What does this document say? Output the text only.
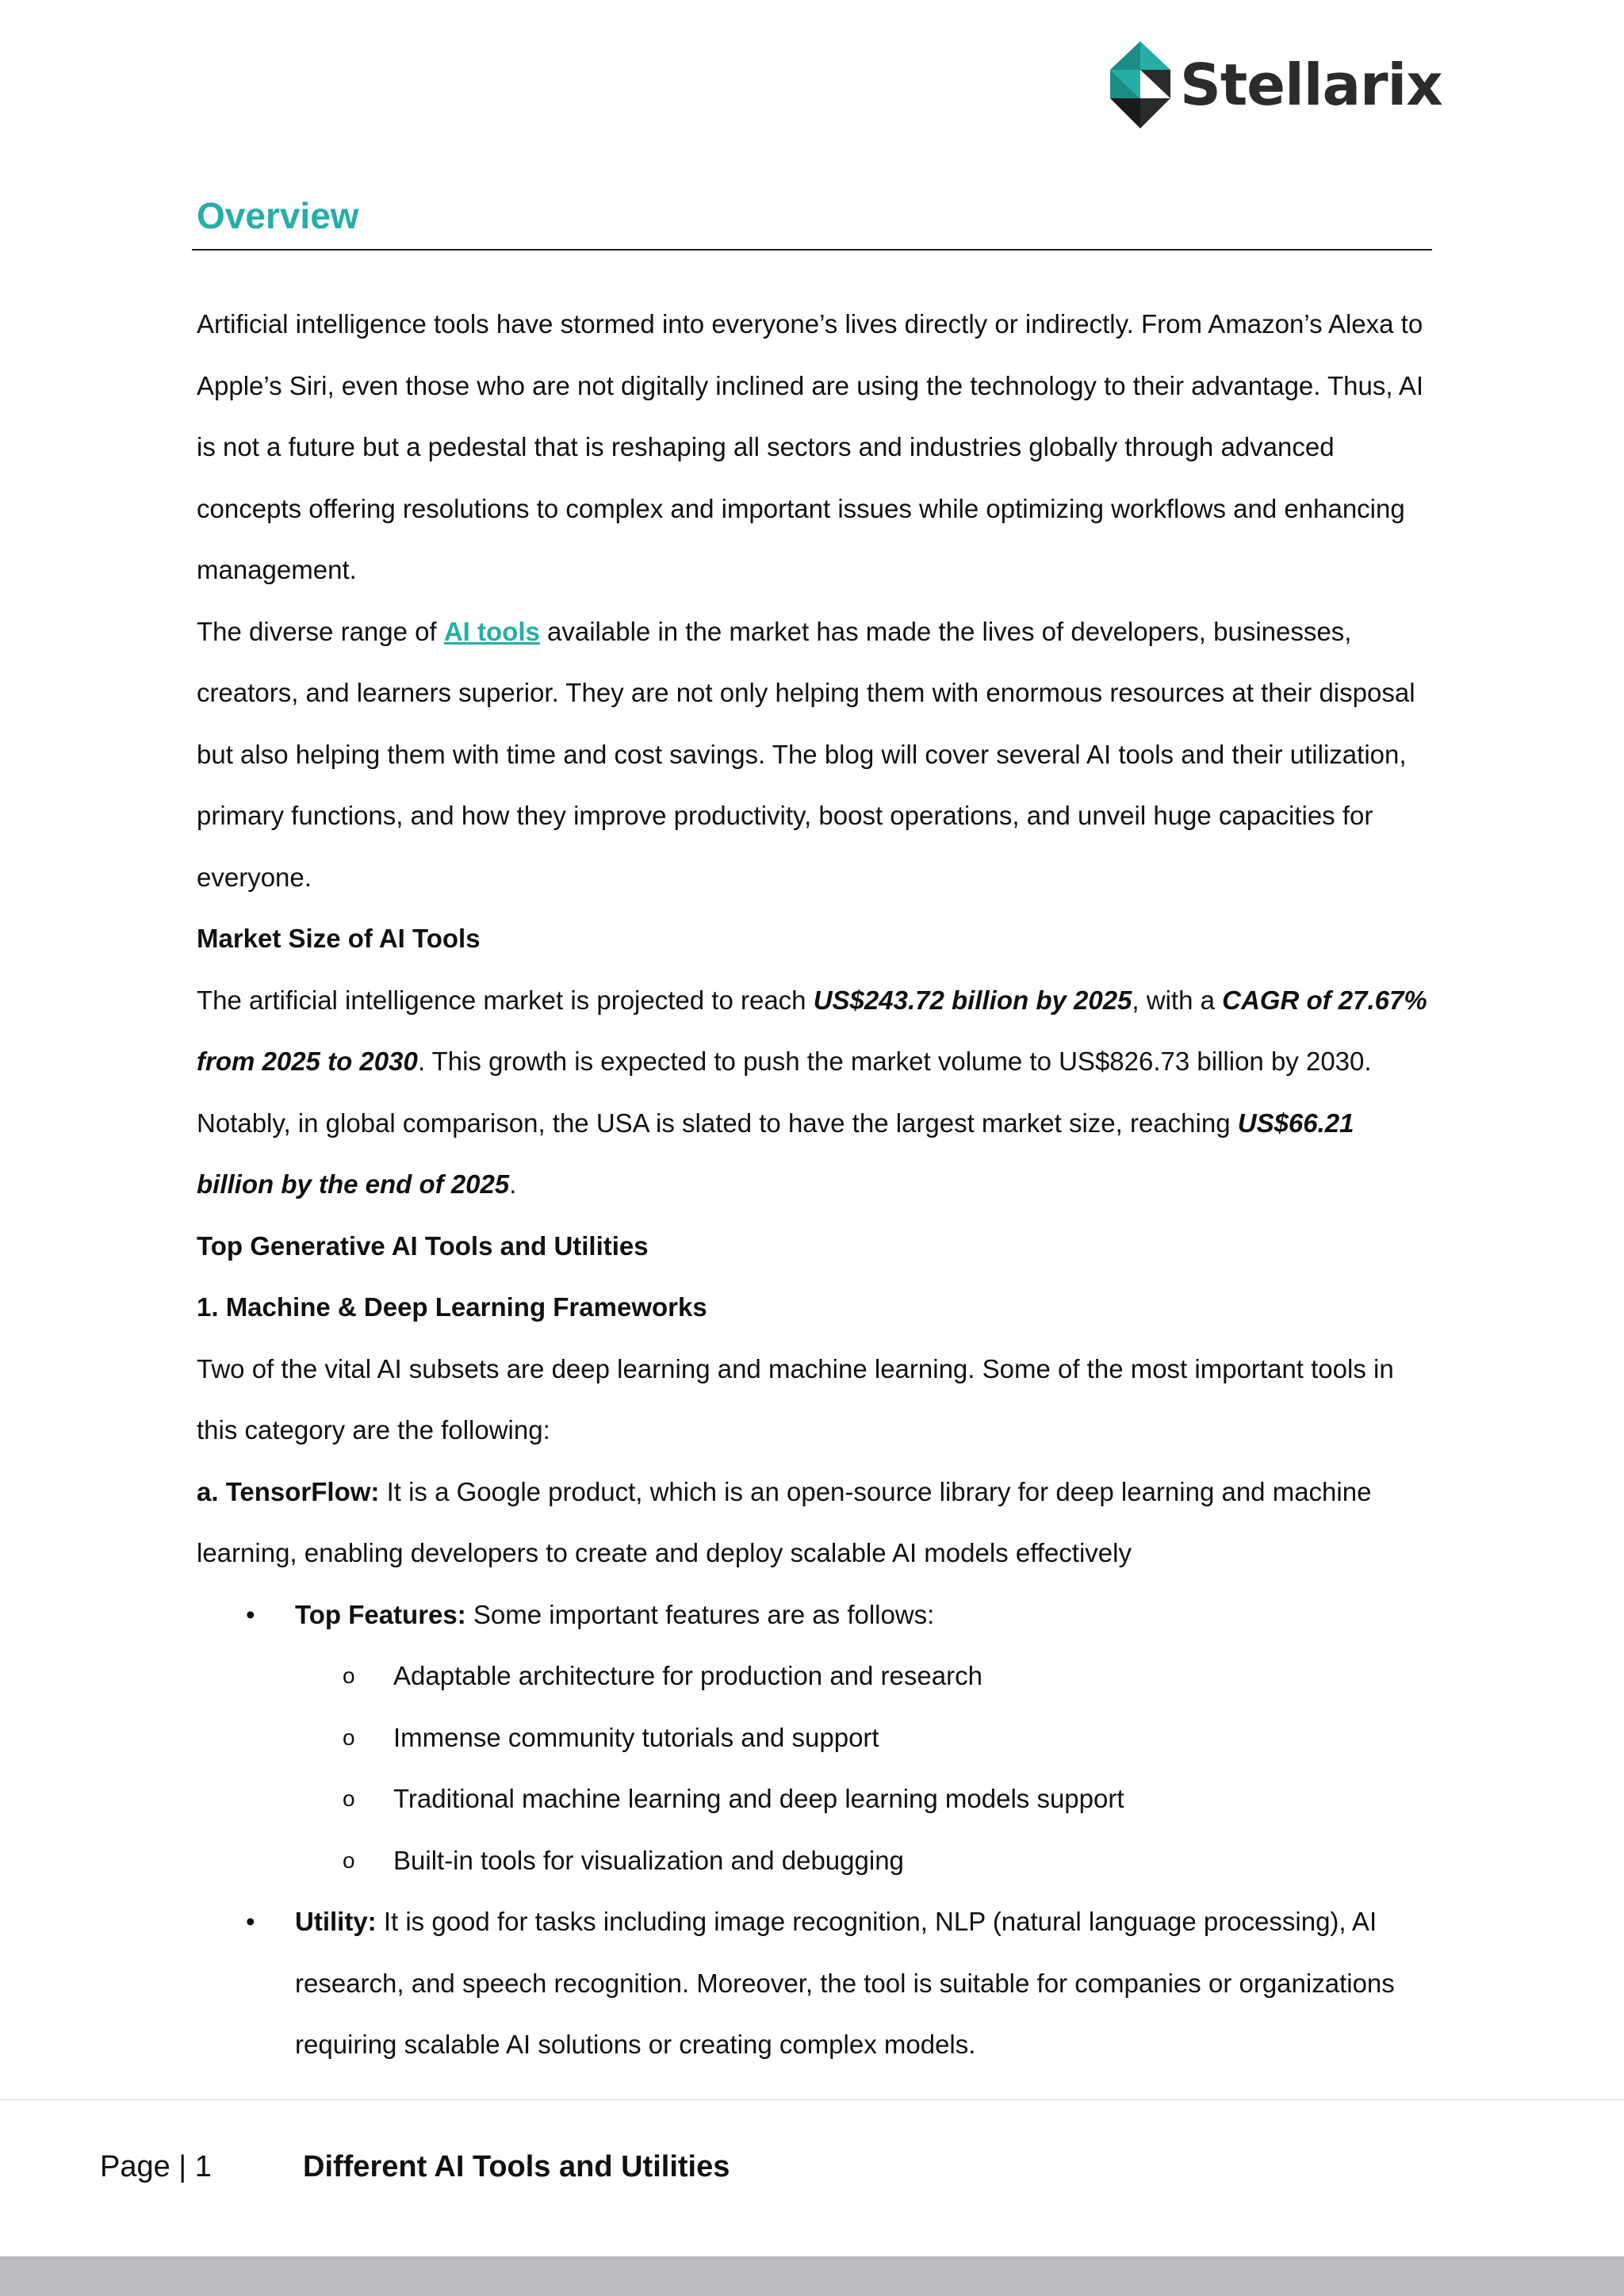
Stellarix
Overview

Artificial intelligence tools have stormed into everyone’s lives directly or indirectly. From Amazon’s Alexa to Apple’s Siri, even those who are not digitally inclined are using the technology to their advantage. Thus, AI is not a future but a pedestal that is reshaping all sectors and industries globally through advanced concepts offering resolutions to complex and important issues while optimizing workflows and enhancing management.

The diverse range of AI tools available in the market has made the lives of developers, businesses, creators, and learners superior. They are not only helping them with enormous resources at their disposal but also helping them with time and cost savings. The blog will cover several AI tools and their utilization, primary functions, and how they improve productivity, boost operations, and unveil huge capacities for everyone.

Market Size of AI Tools

The artificial intelligence market is projected to reach US$243.72 billion by 2025, with a CAGR of 27.67% from 2025 to 2030. This growth is expected to push the market volume to US$826.73 billion by 2030. Notably, in global comparison, the USA is slated to have the largest market size, reaching US$66.21 billion by the end of 2025.

Top Generative AI Tools and Utilities

1. Machine & Deep Learning Frameworks

Two of the vital AI subsets are deep learning and machine learning. Some of the most important tools in this category are the following:

a. TensorFlow: It is a Google product, which is an open-source library for deep learning and machine learning, enabling developers to create and deploy scalable AI models effectively

• Top Features: Some important features are as follows:
o Adaptable architecture for production and research
o Immense community tutorials and support
o Traditional machine learning and deep learning models support
o Built-in tools for visualization and debugging
• Utility: It is good for tasks including image recognition, NLP (natural language processing), AI research, and speech recognition. Moreover, the tool is suitable for companies or organizations requiring scalable AI solutions or creating complex models.
Page | 1	Different AI Tools and Utilities
